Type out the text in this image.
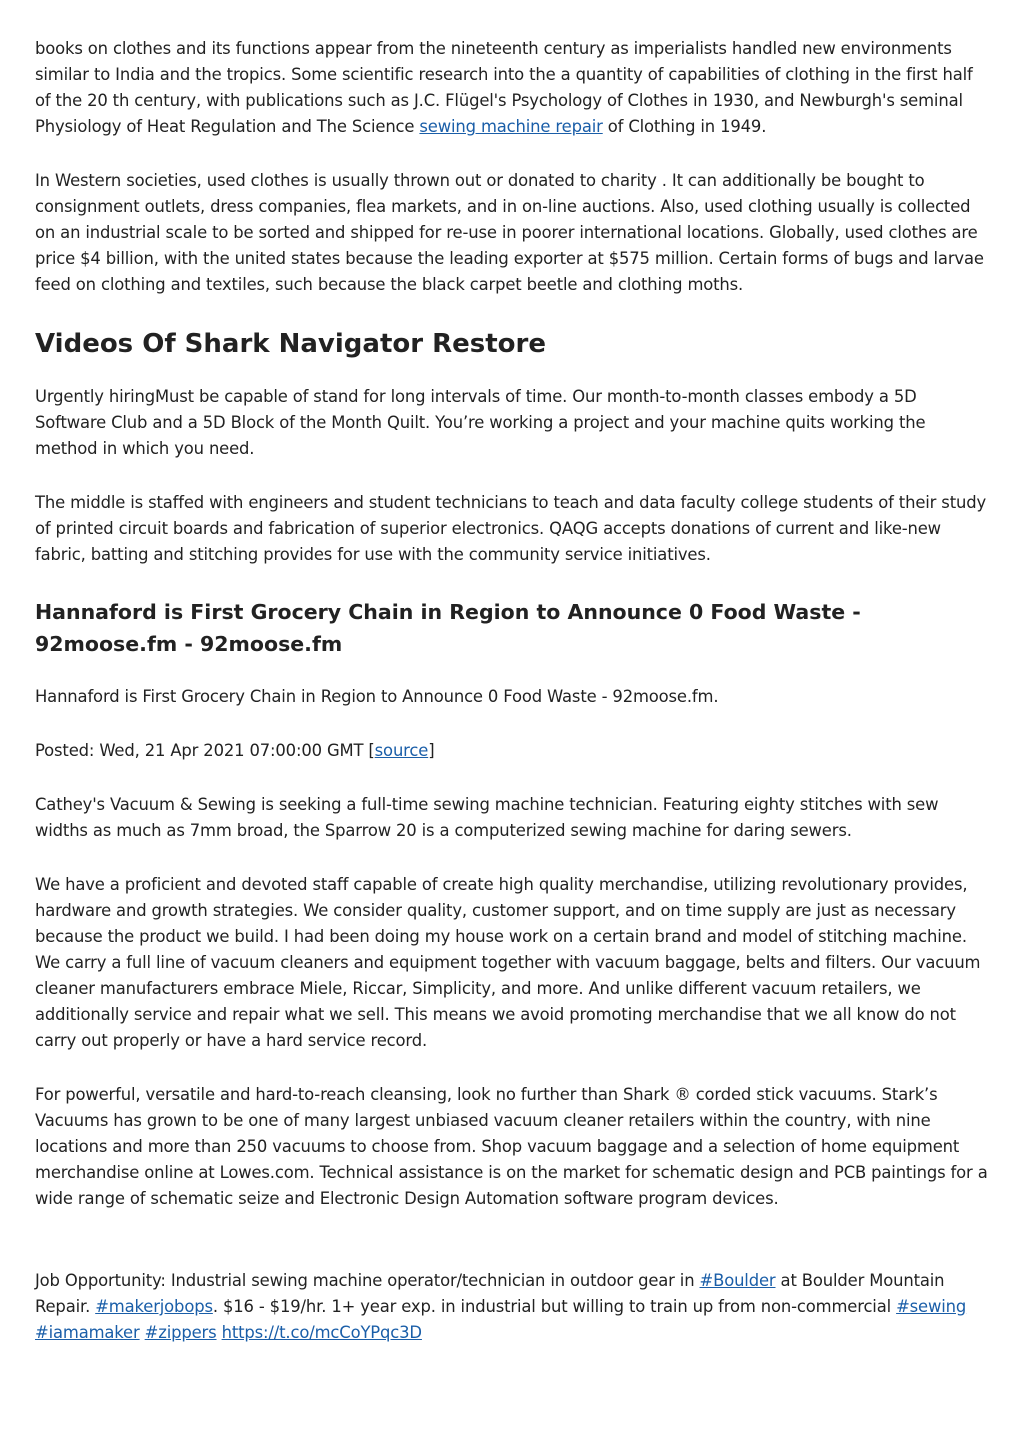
books on clothes and its functions appear from the nineteenth century as imperialists handled new environments similar to India and the tropics. Some scientific research into the a quantity of capabilities of clothing in the first half of the 20 th century, with publications such as J.C. Flügel's Psychology of Clothes in 1930, and Newburgh's seminal Physiology of Heat Regulation and The Science sewing machine repair of Clothing in 1949.

In Western societies, used clothes is usually thrown out or donated to charity . It can additionally be bought to consignment outlets, dress companies, flea markets, and in on-line auctions. Also, used clothing usually is collected on an industrial scale to be sorted and shipped for re-use in poorer international locations. Globally, used clothes are price $4 billion, with the united states because the leading exporter at $575 million. Certain forms of bugs and larvae feed on clothing and textiles, such because the black carpet beetle and clothing moths.

Videos Of Shark Navigator Restore

Urgently hiringMust be capable of stand for long intervals of time. Our month-to-month classes embody a 5D Software Club and a 5D Block of the Month Quilt. You’re working a project and your machine quits working the method in which you need.

The middle is staffed with engineers and student technicians to teach and data faculty college students of their study of printed circuit boards and fabrication of superior electronics. QAQG accepts donations of current and like-new fabric, batting and stitching provides for use with the community service initiatives.

Hannaford is First Grocery Chain in Region to Announce 0 Food Waste - 92moose.fm - 92moose.fm

Hannaford is First Grocery Chain in Region to Announce 0 Food Waste - 92moose.fm.

Posted: Wed, 21 Apr 2021 07:00:00 GMT [source]

Cathey's Vacuum & Sewing is seeking a full-time sewing machine technician. Featuring eighty stitches with sew widths as much as 7mm broad, the Sparrow 20 is a computerized sewing machine for daring sewers.

We have a proficient and devoted staff capable of create high quality merchandise, utilizing revolutionary provides, hardware and growth strategies. We consider quality, customer support, and on time supply are just as necessary because the product we build. I had been doing my house work on a certain brand and model of stitching machine. We carry a full line of vacuum cleaners and equipment together with vacuum baggage, belts and filters. Our vacuum cleaner manufacturers embrace Miele, Riccar, Simplicity, and more. And unlike different vacuum retailers, we additionally service and repair what we sell. This means we avoid promoting merchandise that we all know do not carry out properly or have a hard service record.

For powerful, versatile and hard-to-reach cleansing, look no further than Shark ® corded stick vacuums. Stark’s Vacuums has grown to be one of many largest unbiased vacuum cleaner retailers within the country, with nine locations and more than 250 vacuums to choose from. Shop vacuum baggage and a selection of home equipment merchandise online at Lowes.com. Technical assistance is on the market for schematic design and PCB paintings for a wide range of schematic seize and Electronic Design Automation software program devices.

Job Opportunity: Industrial sewing machine operator/technician in outdoor gear in #Boulder at Boulder Mountain Repair. #makerjobops. $16 - $19/hr. 1+ year exp. in industrial but willing to train up from non-commercial #sewing #iamamaker #zippers https://t.co/mcCoYPqc3D
